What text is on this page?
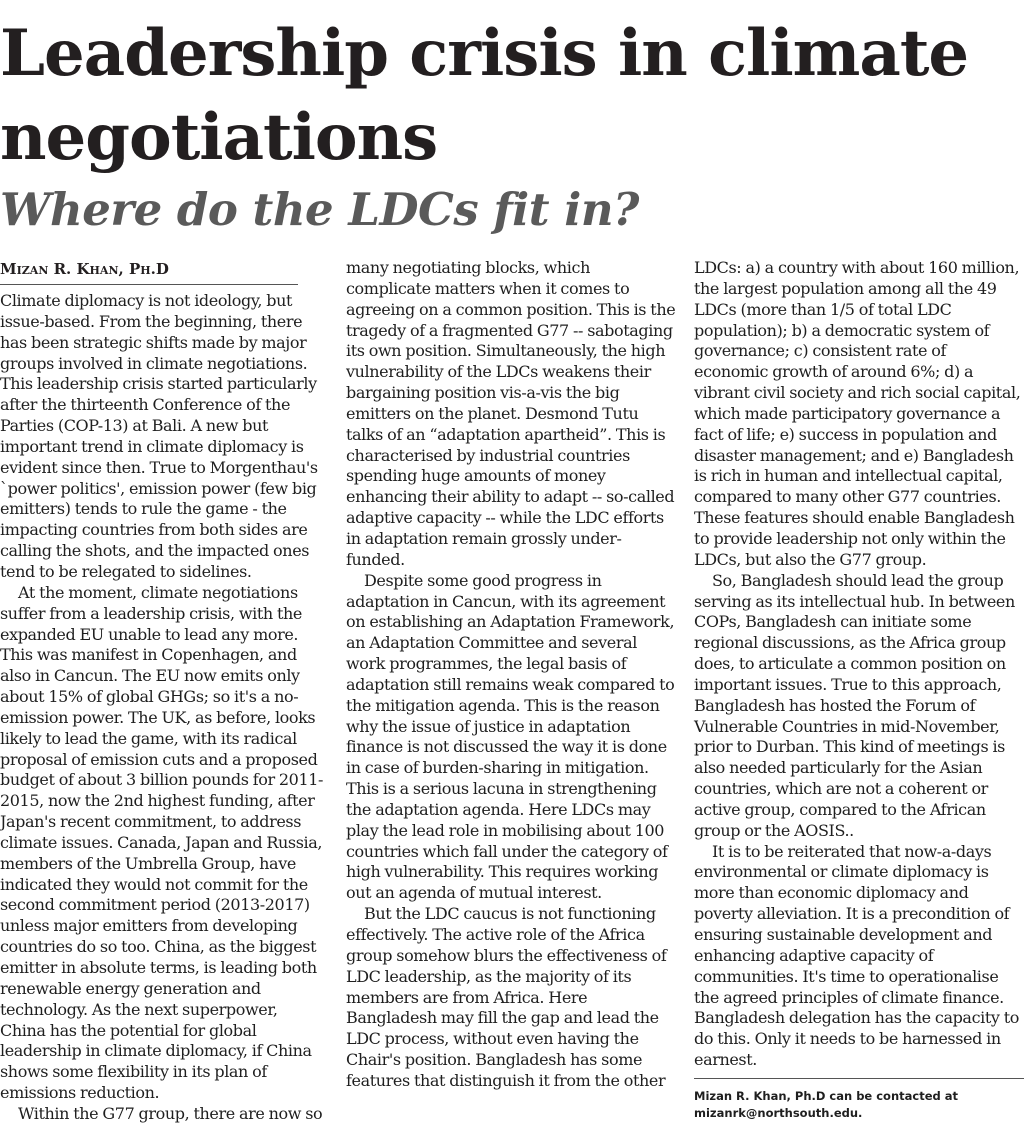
Leadership crisis in climate negotiations
Where do the LDCs fit in?
Mizan R. Khan, Ph.D

Climate diplomacy is not ideology, but issue-based. From the beginning, there has been strategic shifts made by major groups involved in climate negotiations. This leadership crisis started particularly after the thirteenth Conference of the Parties (COP-13) at Bali. A new but important trend in climate diplomacy is evident since then. True to Morgenthau's `power politics', emission power (few big emitters) tends to rule the game - the impacting countries from both sides are calling the shots, and the impacted ones tend to be relegated to sidelines.

At the moment, climate negotiations suffer from a leadership crisis, with the expanded EU unable to lead any more. This was manifest in Copenhagen, and also in Cancun. The EU now emits only about 15% of global GHGs; so it's a no-emission power. The UK, as before, looks likely to lead the game, with its radical proposal of emission cuts and a proposed budget of about 3 billion pounds for 2011-2015, now the 2nd highest funding, after Japan's recent commitment, to address climate issues. Canada, Japan and Russia, members of the Umbrella Group, have indicated they would not commit for the second commitment period (2013-2017) unless major emitters from developing countries do so too. China, as the biggest emitter in absolute terms, is leading both renewable energy generation and technology. As the next superpower, China has the potential for global leadership in climate diplomacy, if China shows some flexibility in its plan of emissions reduction.

Within the G77 group, there are now so

many negotiating blocks, which complicate matters when it comes to agreeing on a common position. This is the tragedy of a fragmented G77 -- sabotaging its own position. Simultaneously, the high vulnerability of the LDCs weakens their bargaining position vis-a-vis the big emitters on the planet. Desmond Tutu talks of an “adaptation apartheid”. This is characterised by industrial countries spending huge amounts of money enhancing their ability to adapt -- so-called adaptive capacity -- while the LDC efforts in adaptation remain grossly under-funded.

Despite some good progress in adaptation in Cancun, with its agreement on establishing an Adaptation Framework, an Adaptation Committee and several work programmes, the legal basis of adaptation still remains weak compared to the mitigation agenda. This is the reason why the issue of justice in adaptation finance is not discussed the way it is done in case of burden-sharing in mitigation. This is a serious lacuna in strengthening the adaptation agenda. Here LDCs may play the lead role in mobilising about 100 countries which fall under the category of high vulnerability. This requires working out an agenda of mutual interest.

But the LDC caucus is not functioning effectively. The active role of the Africa group somehow blurs the effectiveness of LDC leadership, as the majority of its members are from Africa. Here Bangladesh may fill the gap and lead the LDC process, without even having the Chair's position. Bangladesh has some features that distinguish it from the other

LDCs: a) a country with about 160 million, the largest population among all the 49 LDCs (more than 1/5 of total LDC population); b) a democratic system of governance; c) consistent rate of economic growth of around 6%; d) a vibrant civil society and rich social capital, which made participatory governance a fact of life; e) success in population and disaster management; and e) Bangladesh is rich in human and intellectual capital, compared to many other G77 countries. These features should enable Bangladesh to provide leadership not only within the LDCs, but also the G77 group.

So, Bangladesh should lead the group serving as its intellectual hub. In between COPs, Bangladesh can initiate some regional discussions, as the Africa group does, to articulate a common position on important issues. True to this approach, Bangladesh has hosted the Forum of Vulnerable Countries in mid-November, prior to Durban. This kind of meetings is also needed particularly for the Asian countries, which are not a coherent or active group, compared to the African group or the AOSIS..

It is to be reiterated that now-a-days environmental or climate diplomacy is more than economic diplomacy and poverty alleviation. It is a precondition of ensuring sustainable development and enhancing adaptive capacity of communities. It's time to operationalise the agreed principles of climate finance. Bangladesh delegation has the capacity to do this. Only it needs to be harnessed in earnest.

Mizan R. Khan, Ph.D can be contacted at mizanrk@northsouth.edu.
